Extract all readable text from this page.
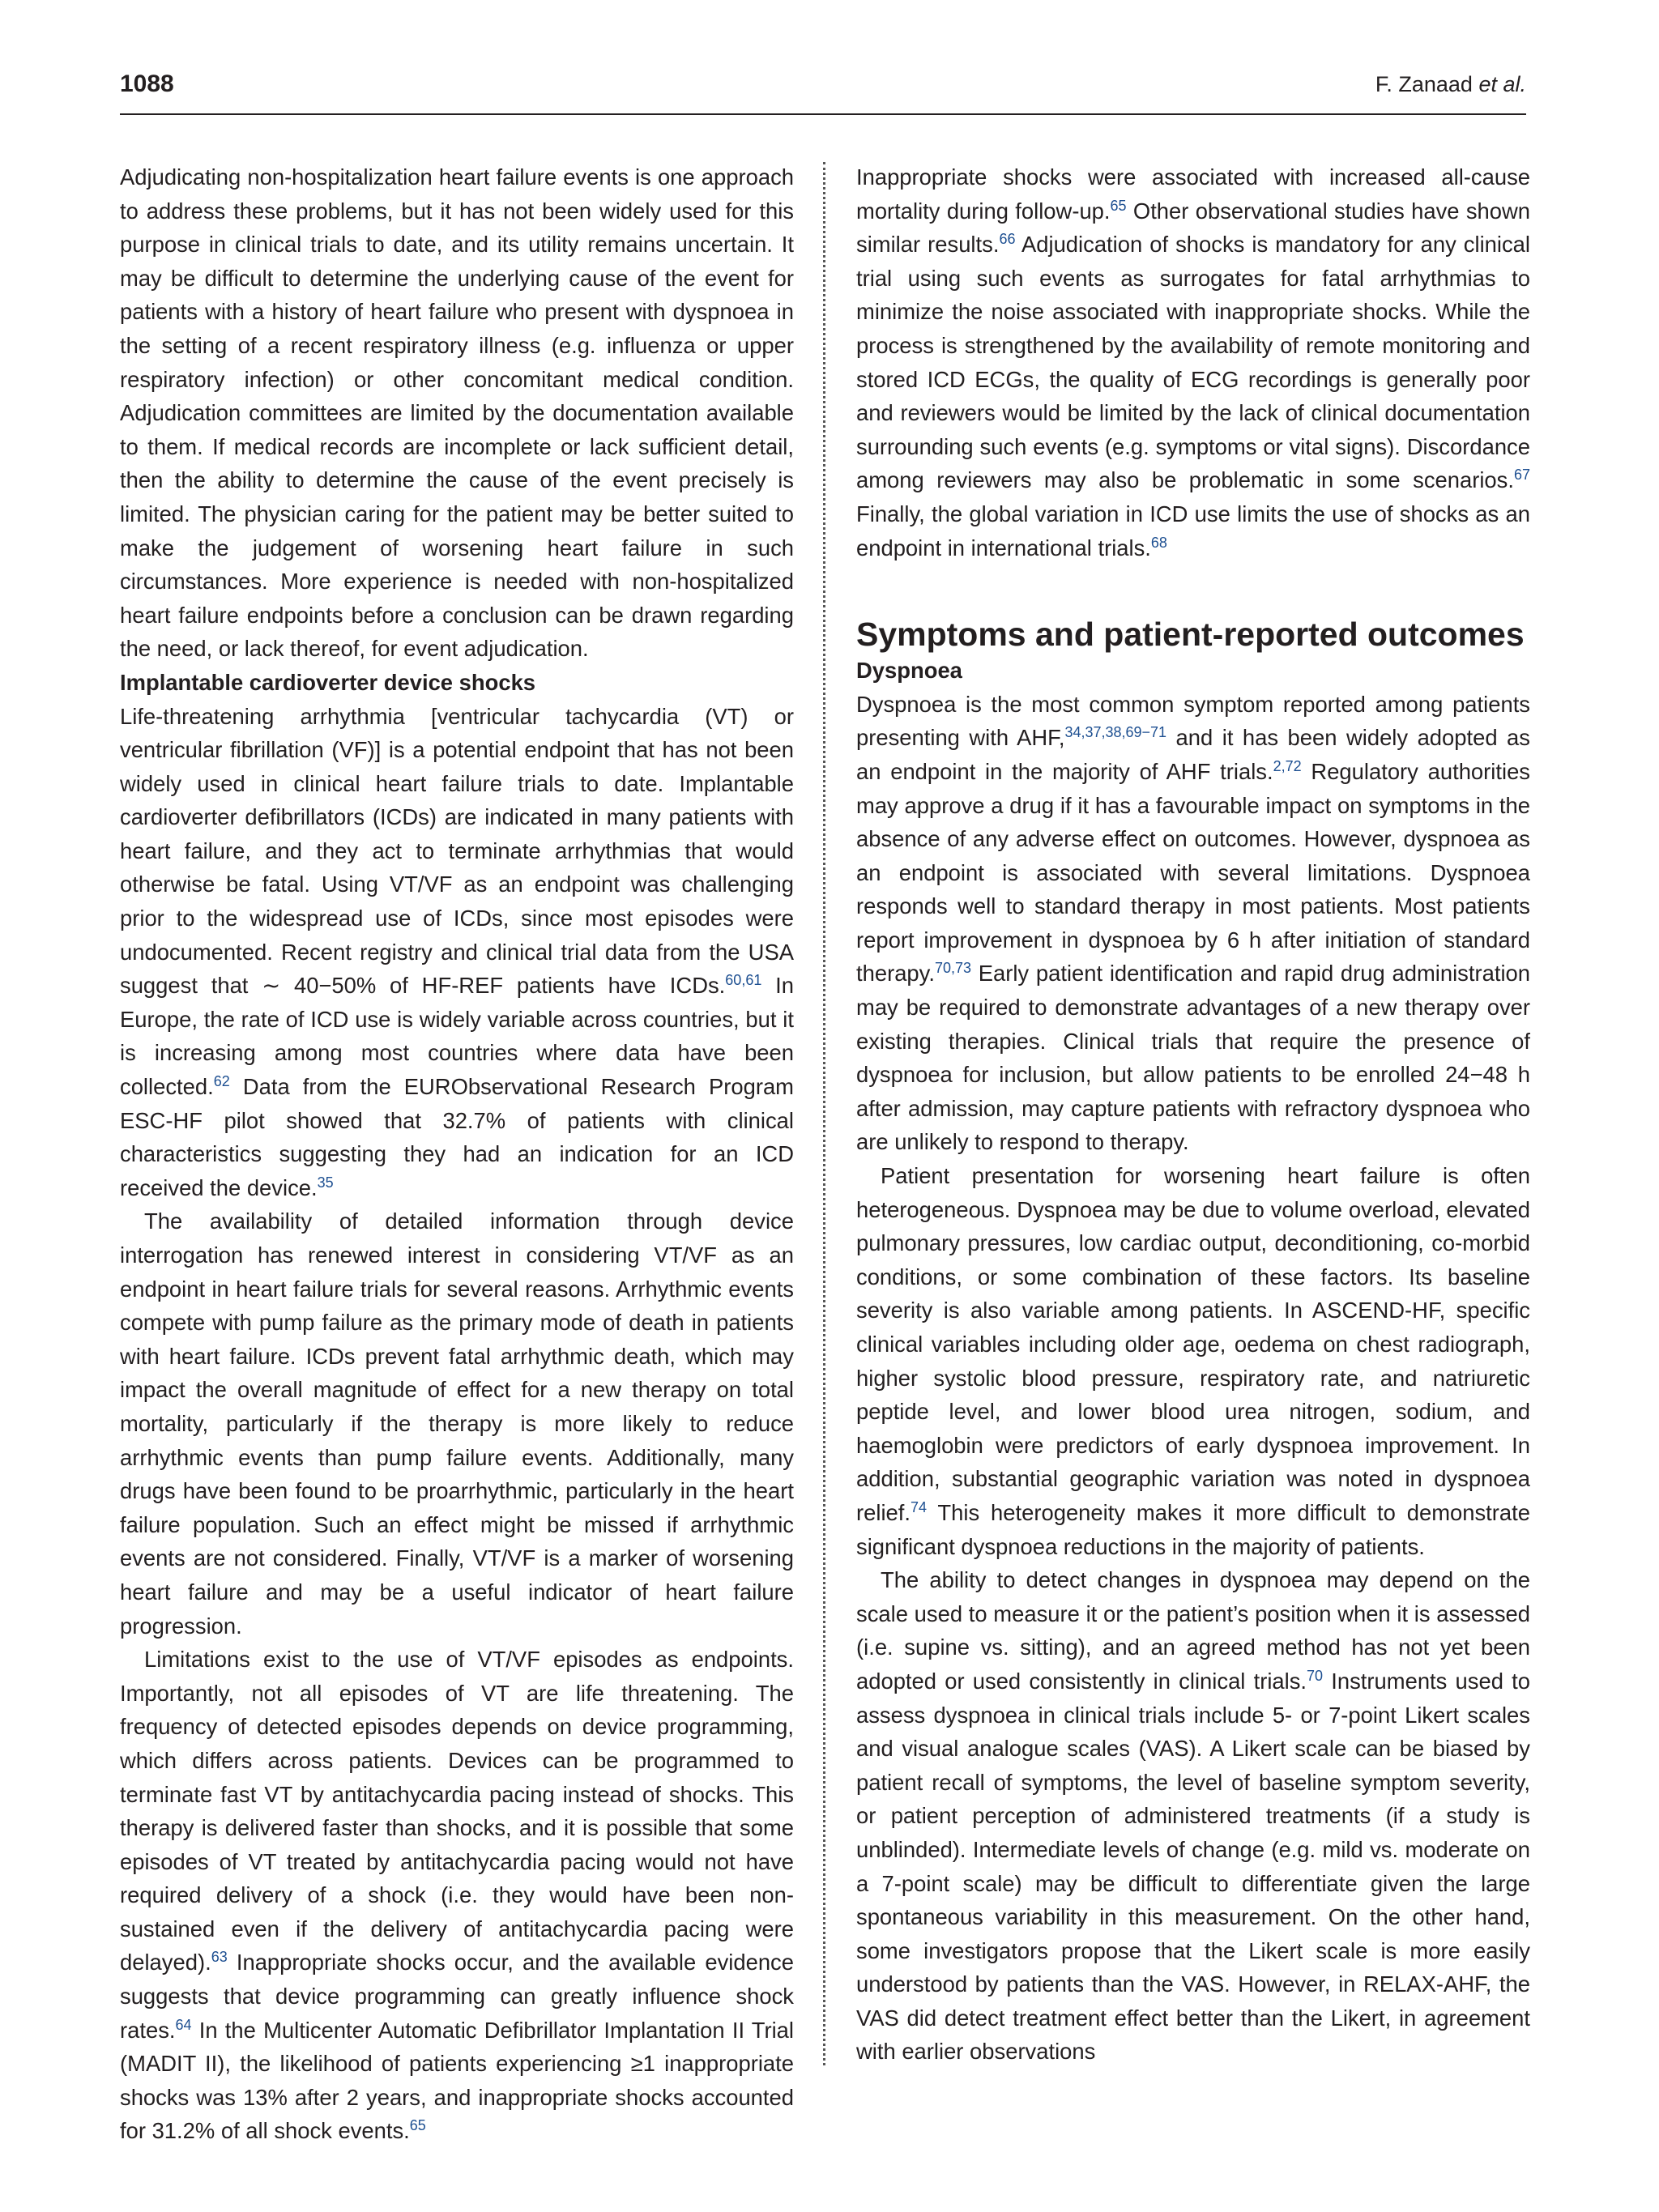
1088	F. Zanaad et al.

Adjudicating non-hospitalization heart failure events is one approach to address these problems, but it has not been widely used for this purpose in clinical trials to date, and its utility remains uncertain. It may be difficult to determine the underlying cause of the event for patients with a history of heart failure who present with dyspnoea in the setting of a recent respiratory illness (e.g. influenza or upper respiratory infection) or other concomitant medical condition. Adjudication committees are limited by the documentation available to them. If medical records are incomplete or lack sufficient detail, then the ability to determine the cause of the event precisely is limited. The physician caring for the patient may be better suited to make the judgement of worsening heart failure in such circumstances. More experience is needed with non-hospitalized heart failure endpoints before a conclusion can be drawn regarding the need, or lack thereof, for event adjudication.

Implantable cardioverter device shocks

Life-threatening arrhythmia [ventricular tachycardia (VT) or ventricular fibrillation (VF)] is a potential endpoint that has not been widely used in clinical heart failure trials to date. Implantable cardioverter defibrillators (ICDs) are indicated in many patients with heart failure, and they act to terminate arrhythmias that would otherwise be fatal. Using VT/VF as an endpoint was challenging prior to the widespread use of ICDs, since most episodes were undocumented. Recent registry and clinical trial data from the USA suggest that ∼ 40−50% of HF-REF patients have ICDs.$^{60,61}$ In Europe, the rate of ICD use is widely variable across countries, but it is increasing among most countries where data have been collected.$^{62}$ Data from the EURObservational Research Program ESC-HF pilot showed that 32.7% of patients with clinical characteristics suggesting they had an indication for an ICD received the device.$^{35}$

The availability of detailed information through device interrogation has renewed interest in considering VT/VF as an endpoint in heart failure trials for several reasons. Arrhythmic events compete with pump failure as the primary mode of death in patients with heart failure. ICDs prevent fatal arrhythmic death, which may impact the overall magnitude of effect for a new therapy on total mortality, particularly if the therapy is more likely to reduce arrhythmic events than pump failure events. Additionally, many drugs have been found to be proarrhythmic, particularly in the heart failure population. Such an effect might be missed if arrhythmic events are not considered. Finally, VT/VF is a marker of worsening heart failure and may be a useful indicator of heart failure progression.

Limitations exist to the use of VT/VF episodes as endpoints. Importantly, not all episodes of VT are life threatening. The frequency of detected episodes depends on device programming, which differs across patients. Devices can be programmed to terminate fast VT by antitachycardia pacing instead of shocks. This therapy is delivered faster than shocks, and it is possible that some episodes of VT treated by antitachycardia pacing would not have required delivery of a shock (i.e. they would have been non-sustained even if the delivery of antitachycardia pacing were delayed).$^{63}$ Inappropriate shocks occur, and the available evidence suggests that device programming can greatly influence shock rates.$^{64}$ In the Multicenter Automatic Defibrillator Implantation II Trial (MADIT II), the likelihood of patients experiencing ≥1 inappropriate shocks was 13% after 2 years, and inappropriate shocks accounted for 31.2% of all shock events.$^{65}$

Inappropriate shocks were associated with increased all-cause mortality during follow-up.$^{65}$ Other observational studies have shown similar results.$^{66}$ Adjudication of shocks is mandatory for any clinical trial using such events as surrogates for fatal arrhythmias to minimize the noise associated with inappropriate shocks. While the process is strengthened by the availability of remote monitoring and stored ICD ECGs, the quality of ECG recordings is generally poor and reviewers would be limited by the lack of clinical documentation surrounding such events (e.g. symptoms or vital signs). Discordance among reviewers may also be problematic in some scenarios.$^{67}$ Finally, the global variation in ICD use limits the use of shocks as an endpoint in international trials.$^{68}$

Symptoms and patient-reported outcomes
Dyspnoea

Dyspnoea is the most common symptom reported among patients presenting with AHF,$^{34,37,38,69-71}$ and it has been widely adopted as an endpoint in the majority of AHF trials.$^{2,72}$ Regulatory authorities may approve a drug if it has a favourable impact on symptoms in the absence of any adverse effect on outcomes. However, dyspnoea as an endpoint is associated with several limitations. Dyspnoea responds well to standard therapy in most patients. Most patients report improvement in dyspnoea by 6 h after initiation of standard therapy.$^{70,73}$ Early patient identification and rapid drug administration may be required to demonstrate advantages of a new therapy over existing therapies. Clinical trials that require the presence of dyspnoea for inclusion, but allow patients to be enrolled 24−48 h after admission, may capture patients with refractory dyspnoea who are unlikely to respond to therapy.

Patient presentation for worsening heart failure is often heterogeneous. Dyspnoea may be due to volume overload, elevated pulmonary pressures, low cardiac output, deconditioning, co-morbid conditions, or some combination of these factors. Its baseline severity is also variable among patients. In ASCEND-HF, specific clinical variables including older age, oedema on chest radiograph, higher systolic blood pressure, respiratory rate, and natriuretic peptide level, and lower blood urea nitrogen, sodium, and haemoglobin were predictors of early dyspnoea improvement. In addition, substantial geographic variation was noted in dyspnoea relief.$^{74}$ This heterogeneity makes it more difficult to demonstrate significant dyspnoea reductions in the majority of patients.

The ability to detect changes in dyspnoea may depend on the scale used to measure it or the patient’s position when it is assessed (i.e. supine vs. sitting), and an agreed method has not yet been adopted or used consistently in clinical trials.$^{70}$ Instruments used to assess dyspnoea in clinical trials include 5- or 7-point Likert scales and visual analogue scales (VAS). A Likert scale can be biased by patient recall of symptoms, the level of baseline symptom severity, or patient perception of administered treatments (if a study is unblinded). Intermediate levels of change (e.g. mild vs. moderate on a 7-point scale) may be difficult to differentiate given the large spontaneous variability in this measurement. On the other hand, some investigators propose that the Likert scale is more easily understood by patients than the VAS. However, in RELAX-AHF, the VAS did detect treatment effect better than the Likert, in agreement with earlier observations
